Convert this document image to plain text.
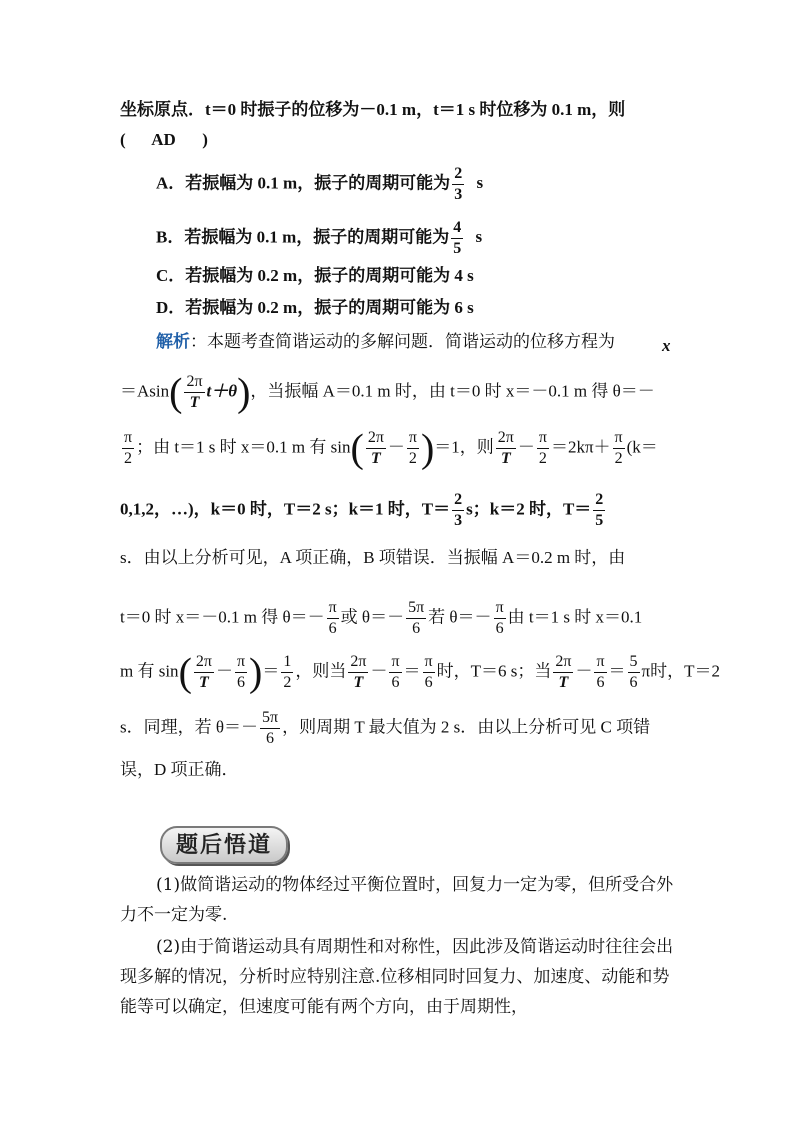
坐标原点．t＝0 时振子的位移为－0.1 m，t＝1 s 时位移为 0.1 m，则
( AD )
A．若振幅为 0.1 m，振子的周期可能为 $\frac{2}{3}$ s
B．若振幅为 0.1 m，振子的周期可能为 $\frac{4}{5}$ s
C．若振幅为 0.2 m，振子的周期可能为 4 s
D．若振幅为 0.2 m，振子的周期可能为 6 s
解析：本题考查简谐运动的多解问题．简谐运动的位移方程为	x
$=Asin( \frac{2\pi}{T} t+\theta)$，当振幅 A＝0.1 m 时，由 t＝0 时 x＝－0.1 m 得 θ＝－
$\frac{\pi}{2}$ ；由 t＝1 s 时 x＝0.1 m 有 $\sin( \frac{2\pi}{T} - \frac{\pi}{2} )=1$，则 $\frac{2\pi}{T} - \frac{\pi}{2} =2k\pi+ \frac{\pi}{2} (k=$
0,1,2，…)，k＝0 时，T＝2 s；k＝1 时，$T= \frac{2}{3}$ s；k＝2 时，$T= \frac{2}{5}$
s．由以上分析可见，A 项正确，B 项错误．当振幅 A＝0.2 m 时，由
t＝0 时 x＝－0.1 m 得 $\theta=- \frac{\pi}{6}$ 或 $\theta=- \frac{5\pi}{6}$ 若 $\theta=- \frac{\pi}{6}$ 由 t＝1 s 时 x＝0.1
m 有 $\sin( \frac{2\pi}{T} - \frac{\pi}{6}$ )＝ $\frac{1}{2}$ ，则当 $\frac{2\pi}{T} - \frac{\pi}{6} = \frac{\pi}{6}$ 时，T＝6 s；当 $\frac{2\pi}{T} - \frac{\pi}{6} = \frac{5}{6}$ π时，T＝2
s．同理，若 $\theta=- \frac{5\pi}{6}$ ，则周期 T 最大值为 2 s．由以上分析可见 C 项错
误，D 项正确．
题后悟道
(1)做简谐运动的物体经过平衡位置时，回复力一定为零，但所受合外力不一定为零.
(2)由于简谐运动具有周期性和对称性，因此涉及简谐运动时往往会出现多解的情况，分析时应特别注意.位移相同时回复力、加速度、动能和势能等可以确定，但速度可能有两个方向，由于周期性，
